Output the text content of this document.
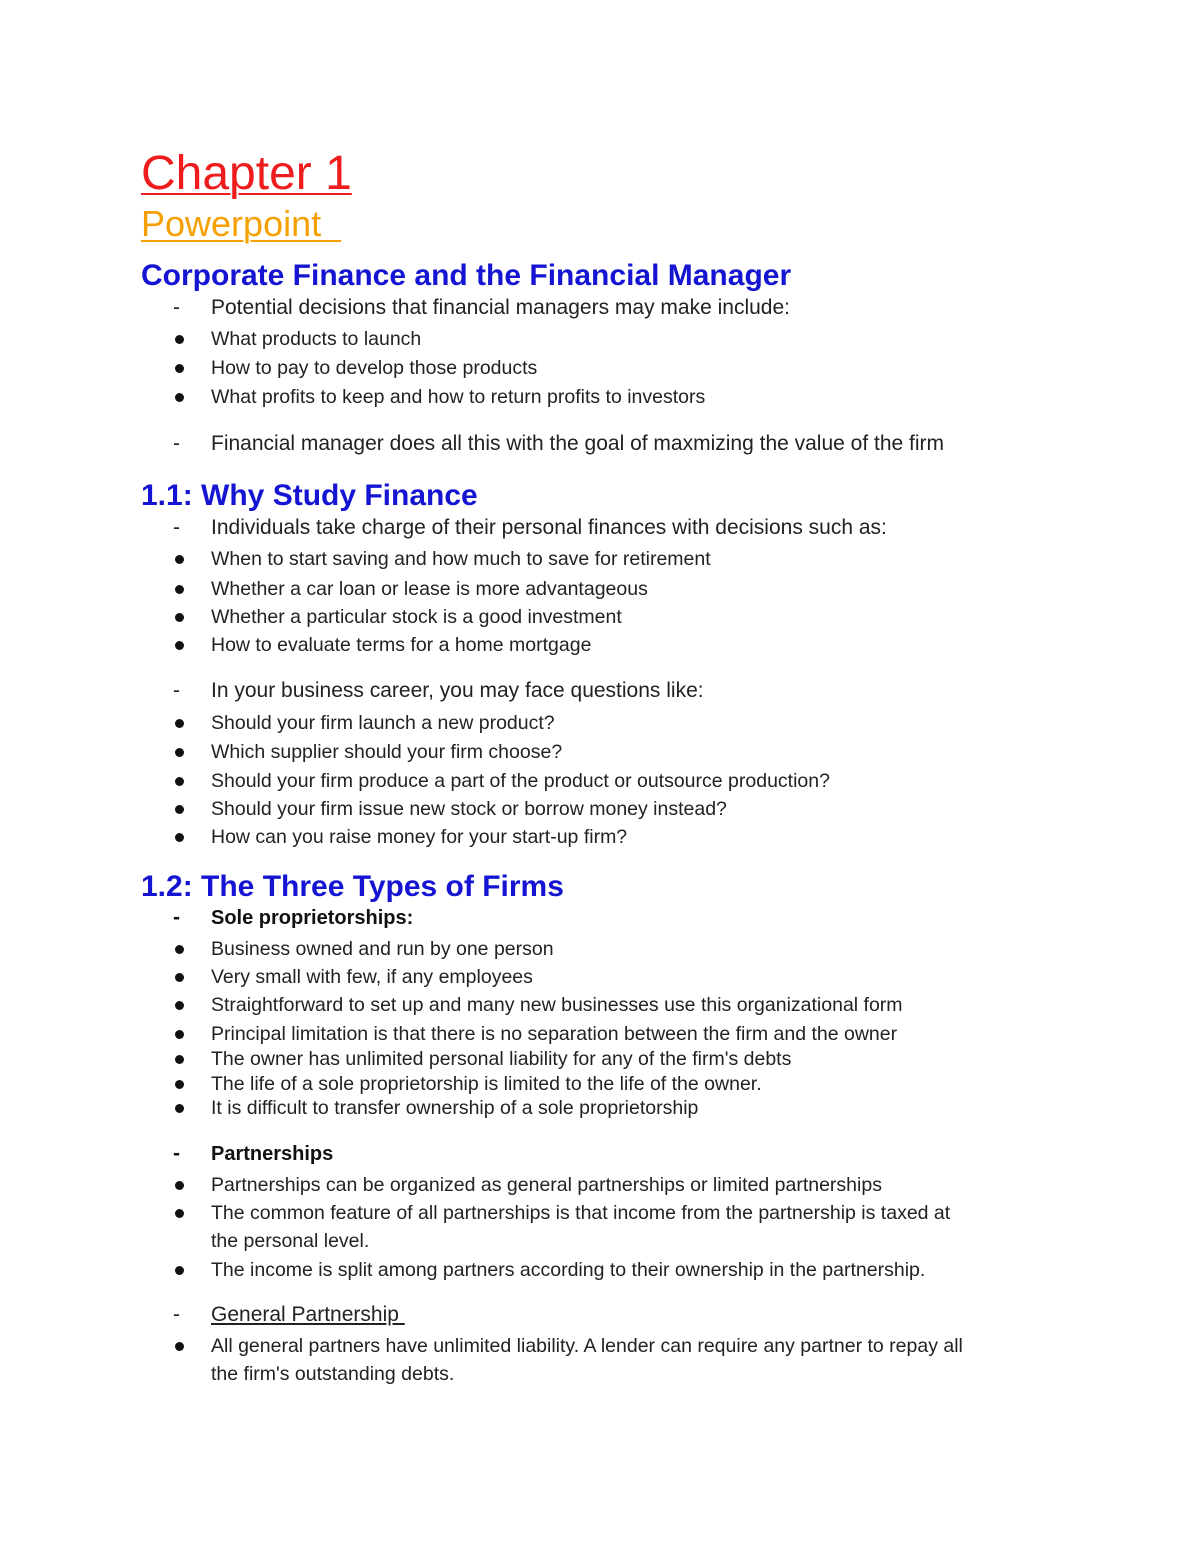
Chapter 1
Powerpoint
Corporate Finance and the Financial Manager
- Potential decisions that financial managers may make include:
What products to launch
How to pay to develop those products
What profits to keep and how to return profits to investors
- Financial manager does all this with the goal of maxmizing the value of the firm
1.1: Why Study Finance
- Individuals take charge of their personal finances with decisions such as:
When to start saving and how much to save for retirement
Whether a car loan or lease is more advantageous
Whether a particular stock is a good investment
How to evaluate terms for a home mortgage
- In your business career, you may face questions like:
Should your firm launch a new product?
Which supplier should your firm choose?
Should your firm produce a part of the product or outsource production?
Should your firm issue new stock or borrow money instead?
How can you raise money for your start-up firm?
1.2: The Three Types of Firms
- Sole proprietorships:
Business owned and run by one person
Very small with few, if any employees
Straightforward to set up and many new businesses use this organizational form
Principal limitation is that there is no separation between the firm and the owner
The owner has unlimited personal liability for any of the firm's debts
The life of a sole proprietorship is limited to the life of the owner.
It is difficult to transfer ownership of a sole proprietorship
- Partnerships
Partnerships can be organized as general partnerships or limited partnerships
The common feature of all partnerships is that income from the partnership is taxed at
the personal level.
The income is split among partners according to their ownership in the partnership.
- General Partnership
All general partners have unlimited liability. A lender can require any partner to repay all
the firm's outstanding debts.
